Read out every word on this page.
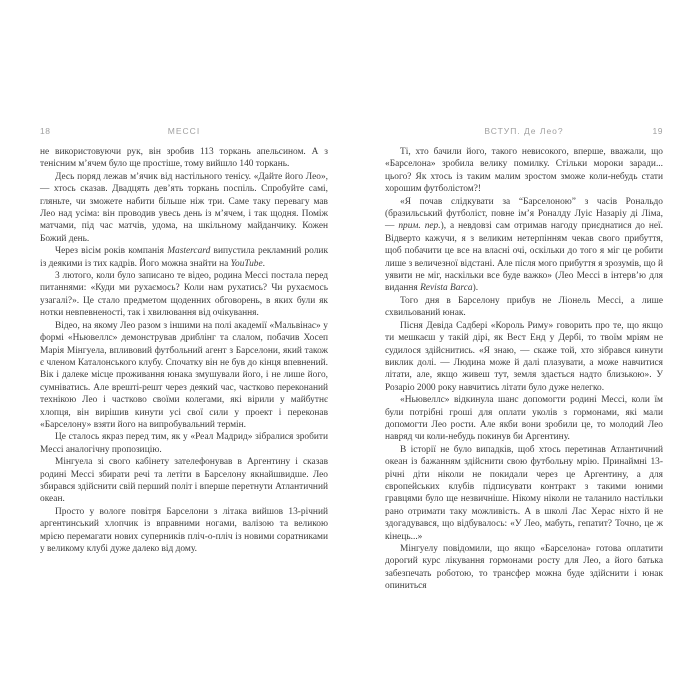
18	МЕССІ

не використовуючи рук, він зробив 113 торкань апельсином. А з тенісним м’ячем було ще простіше, тому вийшло 140 торкань.

Десь поряд лежав м’ячик від настільного тенісу. «Дайте його Лео», — хтось сказав. Двадцять дев’ять торкань поспіль. Спробуйте самі, гляньте, чи зможете набити більше ніж три. Саме таку перевагу мав Лео над усіма: він проводив увесь день із м’ячем, і так щодня. Поміж матчами, під час матчів, удома, на шкільному майданчику. Кожен Божий день.

Через вісім років компанія Mastercard випустила рекламний ролик із деякими із тих кадрів. Його можна знайти на YouTube.

3 лютого, коли було записано те відео, родина Мессі постала перед питаннями: «Куди ми рухаємось? Коли нам рухатись? Чи рухаємось узагалі?». Це стало предметом щоденних обговорень, в яких були як нотки невпевненості, так і хвилювання від очікування.

Відео, на якому Лео разом з іншими на полі академії «Мальвінас» у формі «Ньювеллс» демонстрував дриблінг та слалом, побачив Хосеп Марія Мінгуела, впливовий футбольний агент з Барселони, який також є членом Каталонського клубу. Спочатку він не був до кінця впевнений. Вік і далеке місце проживання юнака змушували його, і не лише його, сумніватись. Але врешті-решт через деякий час, частково переконаний технікою Лео і частково своїми колегами, які вірили у майбутнє хлопця, він вирішив кинути усі свої сили у проект і переконав «Барселону» взяти його на випробувальний термін.

Це сталось якраз перед тим, як у «Реал Мадрид» зібралися зробити Мессі аналогічну пропозицію.

Мінгуела зі свого кабінету зателефонував в Аргентину і сказав родині Мессі збирати речі та летіти в Барселону якнайшвидше. Лео збирався здійснити свій перший політ і вперше перетнути Атлантичний океан.

Просто у вологе повітря Барселони з літака вийшов 13-річний аргентинський хлопчик із вправними ногами, валізою та великою мрією перемагати нових суперників пліч-о-пліч із новими соратниками у великому клубі дуже далеко від дому.

ВСТУП. Де Лео?	19

Ті, хто бачили його, такого невисокого, вперше, вважали, що «Барселона» зробила велику помилку. Стільки мороки заради... цього? Як хтось із таким малим зростом зможе коли-небудь стати хорошим футболістом?!

«Я почав слідкувати за “Барселоною” з часів Рональдо (бразильський футболіст, повне ім’я Роналду Луіс Назаріу ді Ліма, — прим. пер.), а невдовзі сам отримав нагоду приєднатися до неї. Відверто кажучи, я з великим нетерпінням чекав свого прибуття, щоб побачити це все на власні очі, оскільки до того я міг це робити лише з величезної відстані. Але після мого прибуття я зрозумів, що й уявити не міг, наскільки все буде важко» (Лео Мессі в інтерв’ю для видання Revista Barca).

Того дня в Барселону прибув не Ліонель Мессі, а лише схвильований юнак.

Пісня Девіда Садбері «Король Риму» говорить про те, що якщо ти мешкаєш у такій дірі, як Вест Енд у Дербі, то твоїм мріям не судилося здійснитись. «Я знаю, — скаже той, хто зібрався кинути виклик долі. — Людина може й далі плазувати, а може навчитися літати, але, якщо живеш тут, земля здається надто близькою». У Розаріо 2000 року навчитись літати було дуже нелегко.

«Ньювеллс» відкинула шанс допомогти родині Мессі, коли їм були потрібні гроші для оплати уколів з гормонами, які мали допомогти Лео рости. Але якби вони зробили це, то молодий Лео навряд чи коли-небудь покинув би Аргентину.

В історії не було випадків, щоб хтось перетинав Атлантичний океан із бажанням здійснити свою футбольну мрію. Принаймні 13-річні діти ніколи не покидали через це Аргентину, а для європейських клубів підписувати контракт з такими юними гравцями було ще незвичніше. Нікому ніколи не таланило настільки рано отримати таку можливість. А в школі Лас Херас ніхто й не здогадувався, що відбувалось: «У Лео, мабуть, гепатит? Точно, це ж кінець...»

Мінгуелу повідомили, що якщо «Барселона» готова оплатити дорогий курс лікування гормонами росту для Лео, а його батька забезпечать роботою, то трансфер можна буде здійснити і юнак опиниться
